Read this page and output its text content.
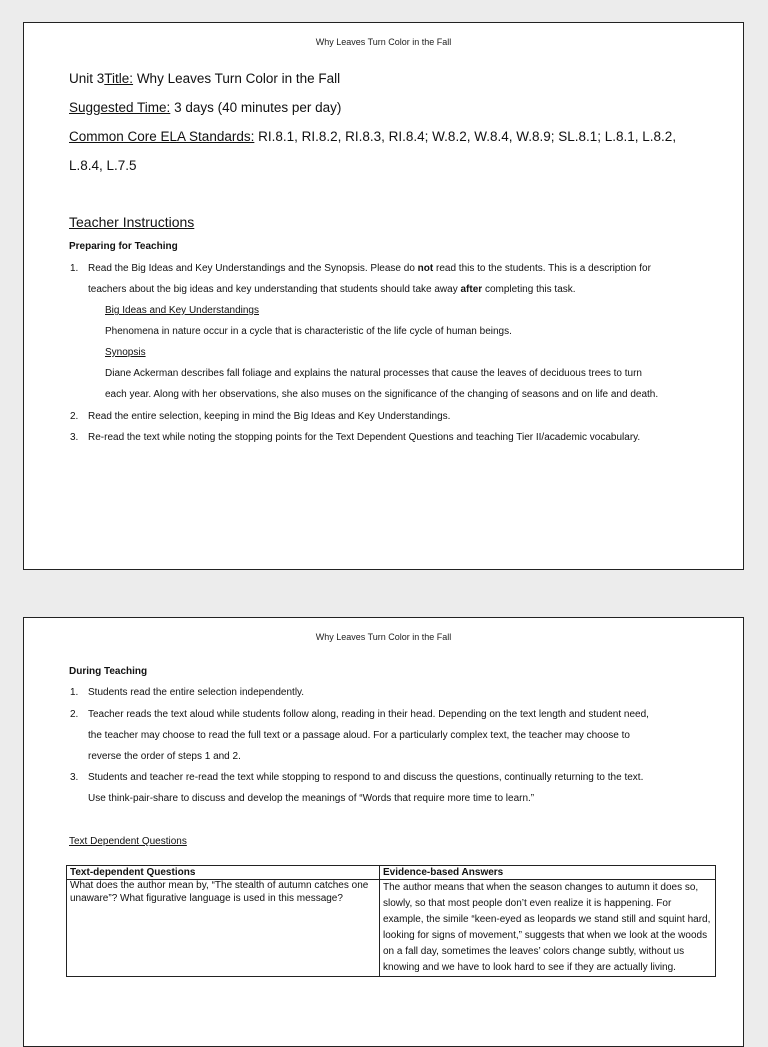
Why Leaves Turn Color in the Fall
Unit 3Title: Why Leaves Turn Color in the Fall
Suggested Time: 3 days (40 minutes per day)
Common Core ELA Standards: RI.8.1, RI.8.2, RI.8.3, RI.8.4; W.8.2, W.8.4, W.8.9; SL.8.1; L.8.1, L.8.2,
L.8.4, L.7.5
Teacher Instructions
Preparing for Teaching
1. Read the Big Ideas and Key Understandings and the Synopsis. Please do not read this to the students. This is a description for
teachers about the big ideas and key understanding that students should take away after completing this task.
Big Ideas and Key Understandings
Phenomena in nature occur in a cycle that is characteristic of the life cycle of human beings.
Synopsis
Diane Ackerman describes fall foliage and explains the natural processes that cause the leaves of deciduous trees to turn
each year. Along with her observations, she also muses on the significance of the changing of seasons and on life and death.
2. Read the entire selection, keeping in mind the Big Ideas and Key Understandings.
3. Re-read the text while noting the stopping points for the Text Dependent Questions and teaching Tier II/academic vocabulary.
Why Leaves Turn Color in the Fall
During Teaching
1. Students read the entire selection independently.
2. Teacher reads the text aloud while students follow along, reading in their head. Depending on the text length and student need,
the teacher may choose to read the full text or a passage aloud. For a particularly complex text, the teacher may choose to
reverse the order of steps 1 and 2.
3. Students and teacher re-read the text while stopping to respond to and discuss the questions, continually returning to the text.
Use think-pair-share to discuss and develop the meanings of “Words that require more time to learn.”
Text Dependent Questions
Text-dependent Questions	Evidence-based Answers
What does the author mean by, “The stealth of autumn catches one unaware”? What figurative language is used in this message?	The author means that when the season changes to autumn it does so, slowly, so that most people don’t even realize it is happening. For example, the simile “keen-eyed as leopards we stand still and squint hard, looking for signs of movement,” suggests that when we look at the woods on a fall day, sometimes the leaves’ colors change subtly, without us knowing and we have to look hard to see if they are actually living.
